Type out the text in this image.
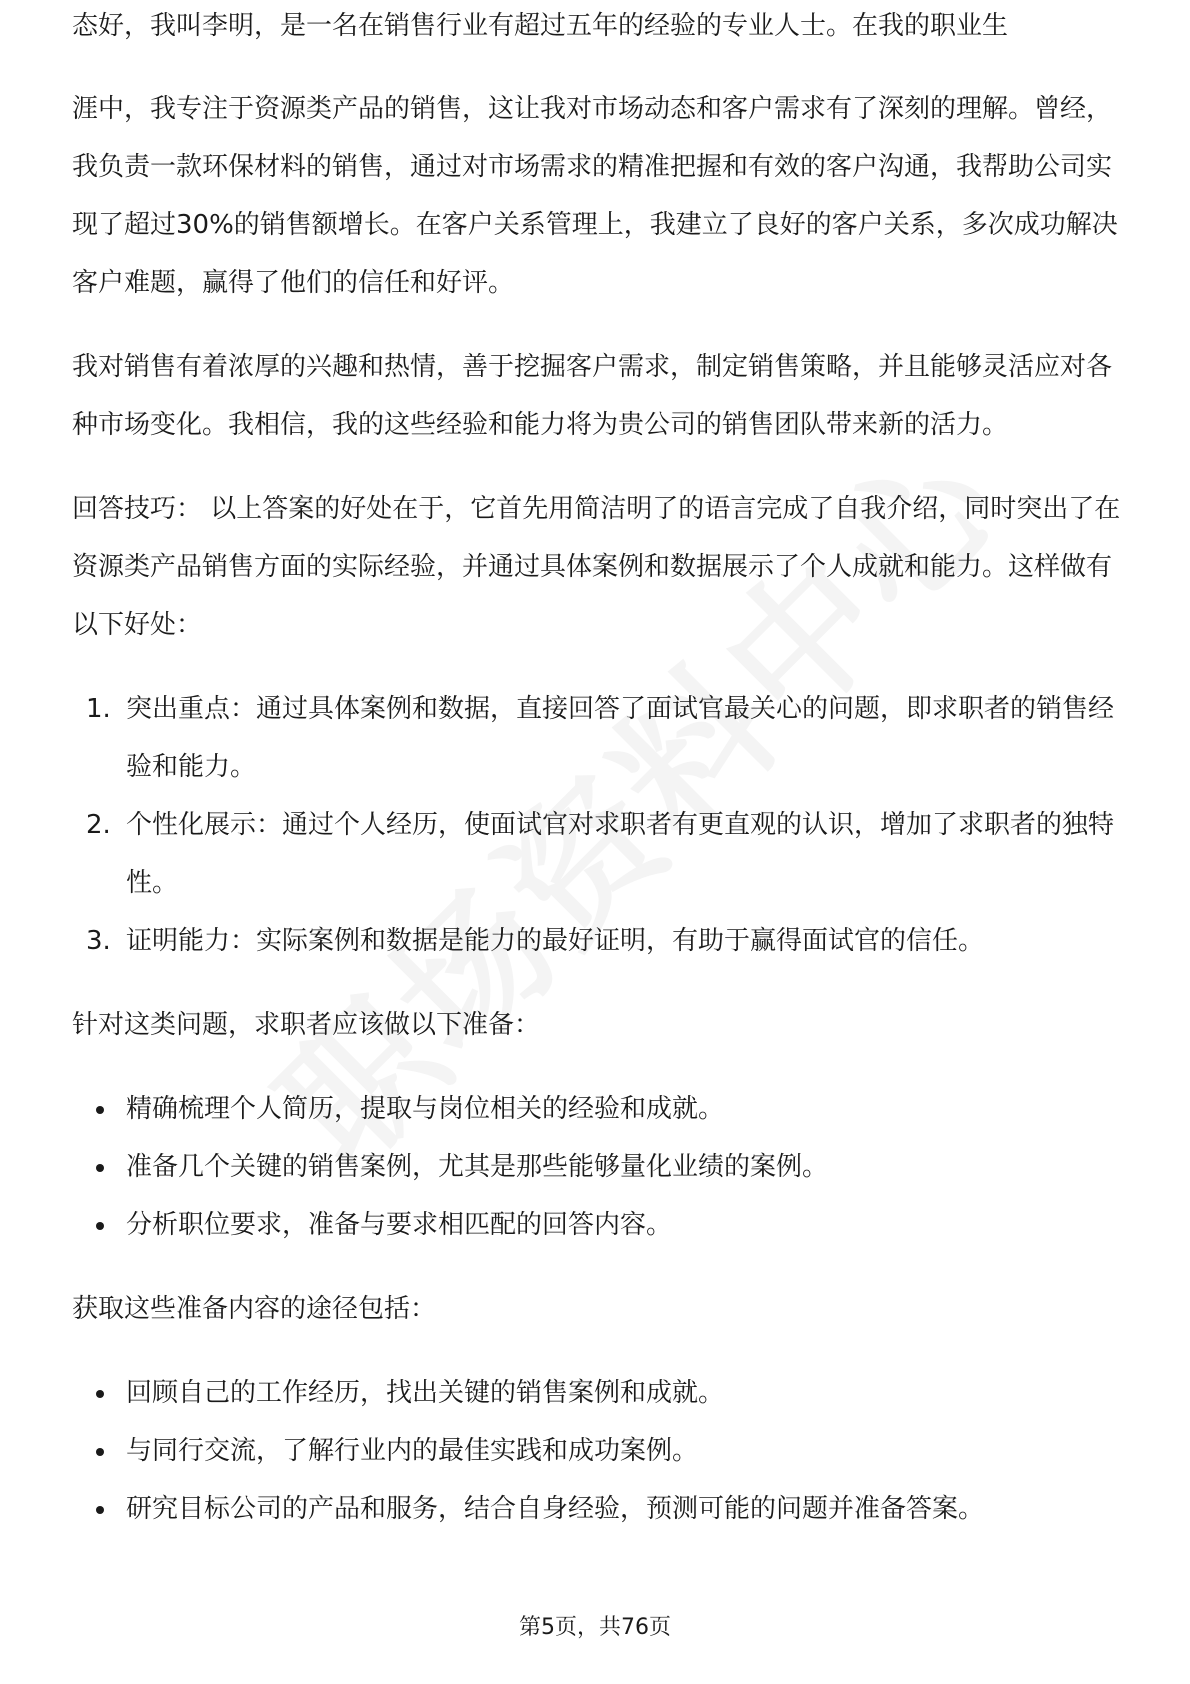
态好，我叫李明，是一名在销售行业有超过五年的经验的专业人士。在我的职业生

涯中，我专注于资源类产品的销售，这让我对市场动态和客户需求有了深刻的理解。曾经，我负责一款环保材料的销售，通过对市场需求的精准把握和有效的客户沟通，我帮助公司实现了超过30%的销售额增长。在客户关系管理上，我建立了良好的客户关系，多次成功解决客户难题，赢得了他们的信任和好评。

我对销售有着浓厚的兴趣和热情，善于挖掘客户需求，制定销售策略，并且能够灵活应对各种市场变化。我相信，我的这些经验和能力将为贵公司的销售团队带来新的活力。

回答技巧： 以上答案的好处在于，它首先用简洁明了的语言完成了自我介绍，同时突出了在资源类产品销售方面的实际经验，并通过具体案例和数据展示了个人成就和能力。这样做有以下好处：

1. 突出重点：通过具体案例和数据，直接回答了面试官最关心的问题，即求职者的销售经验和能力。
2. 个性化展示：通过个人经历，使面试官对求职者有更直观的认识，增加了求职者的独特性。
3. 证明能力：实际案例和数据是能力的最好证明，有助于赢得面试官的信任。

针对这类问题，求职者应该做以下准备：

精确梳理个人简历，提取与岗位相关的经验和成就。
准备几个关键的销售案例，尤其是那些能够量化业绩的案例。
分析职位要求，准备与要求相匹配的回答内容。

获取这些准备内容的途径包括：

回顾自己的工作经历，找出关键的销售案例和成就。
与同行交流，了解行业内的最佳实践和成功案例。
研究目标公司的产品和服务，结合自身经验，预测可能的问题并准备答案。
第5页，共76页
